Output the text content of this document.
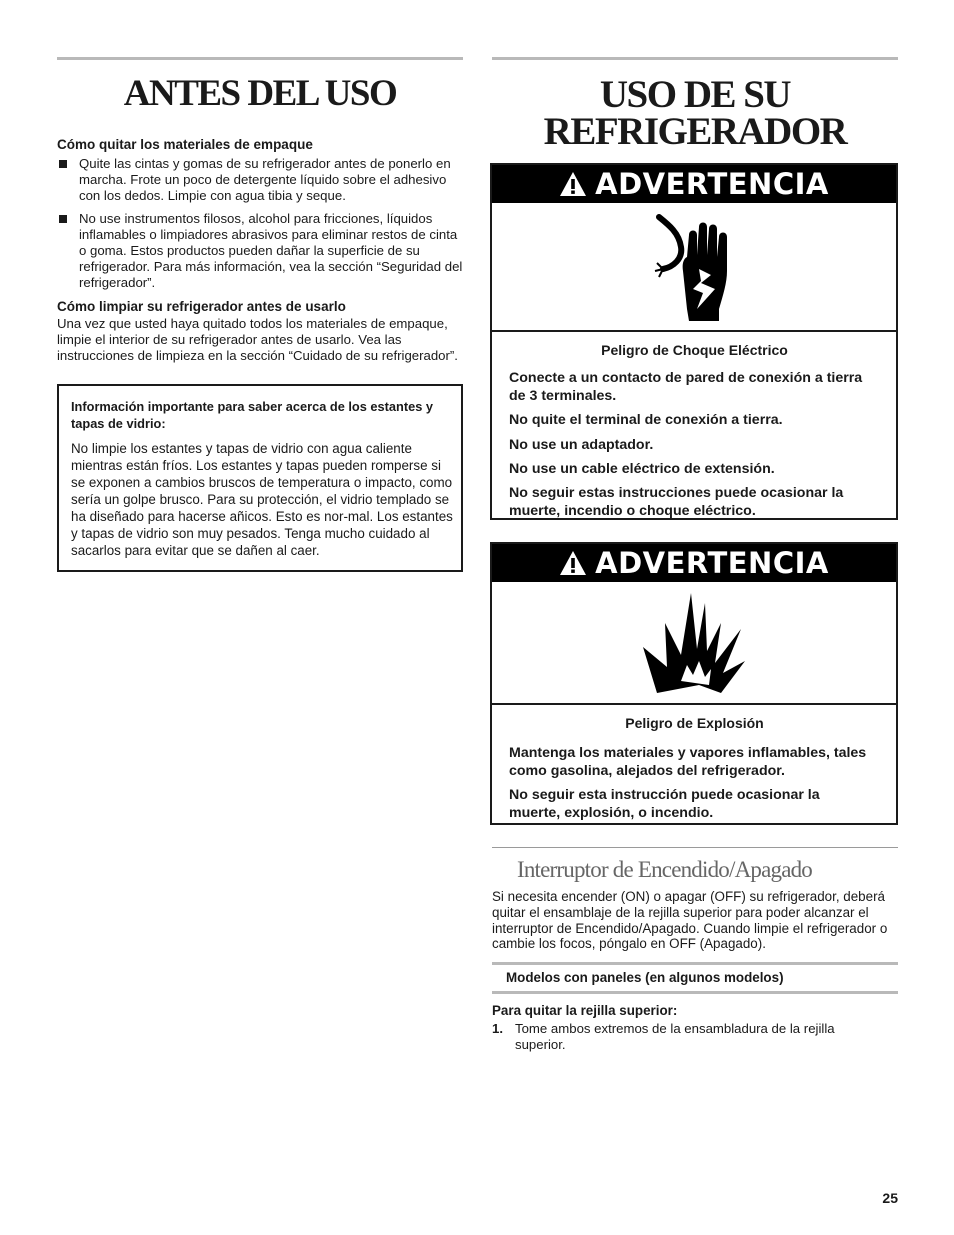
ANTES DEL USO
Cómo quitar los materiales de empaque
Quite las cintas y gomas de su refrigerador antes de ponerlo en marcha. Frote un poco de detergente líquido sobre el adhesivo con los dedos. Limpie con agua tibia y seque.
No use instrumentos filosos, alcohol para fricciones, líquidos inflamables o limpiadores abrasivos para eliminar restos de cinta o goma. Estos productos pueden dañar la superficie de su refrigerador. Para más información, vea la sección “Seguridad del refrigerador”.
Cómo limpiar su refrigerador antes de usarlo
Una vez que usted haya quitado todos los materiales de empaque, limpie el interior de su refrigerador antes de usarlo. Vea las instrucciones de limpieza en la sección “Cuidado de su refrigerador”.
Información importante para saber acerca de los estantes y tapas de vidrio:
No limpie los estantes y tapas de vidrio con agua caliente mientras están fríos. Los estantes y tapas pueden romperse si se exponen a cambios bruscos de temperatura o impacto, como sería un golpe brusco. Para su protección, el vidrio templado se ha diseñado para hacerse añicos. Esto es nor-mal. Los estantes y tapas de vidrio son muy pesados. Tenga mucho cuidado al sacarlos para evitar que se dañen al caer.
USO DE SU
REFRIGERADOR
ADVERTENCIA
Peligro de Choque Eléctrico

Conecte a un contacto de pared de conexión a tierra de 3 terminales.

No quite el terminal de conexión a tierra.

No use un adaptador.

No use un cable eléctrico de extensión.

No seguir estas instrucciones puede ocasionar la muerte, incendio o choque eléctrico.

ADVERTENCIA
Peligro de Explosión

Mantenga los materiales y vapores inflamables, tales como gasolina, alejados del refrigerador.

No seguir esta instrucción puede ocasionar la muerte, explosión, o incendio.

Interruptor de Encendido/Apagado
Si necesita encender (ON) o apagar (OFF) su refrigerador, deberá quitar el ensamblaje de la rejilla superior para poder alcanzar el interruptor de Encendido/Apagado. Cuando limpie el refrigerador o cambie los focos, póngalo en OFF (Apagado).
Modelos con paneles (en algunos modelos)
Para quitar la rejilla superior:
1. Tome ambos extremos de la ensambladura de la rejilla superior.
25
